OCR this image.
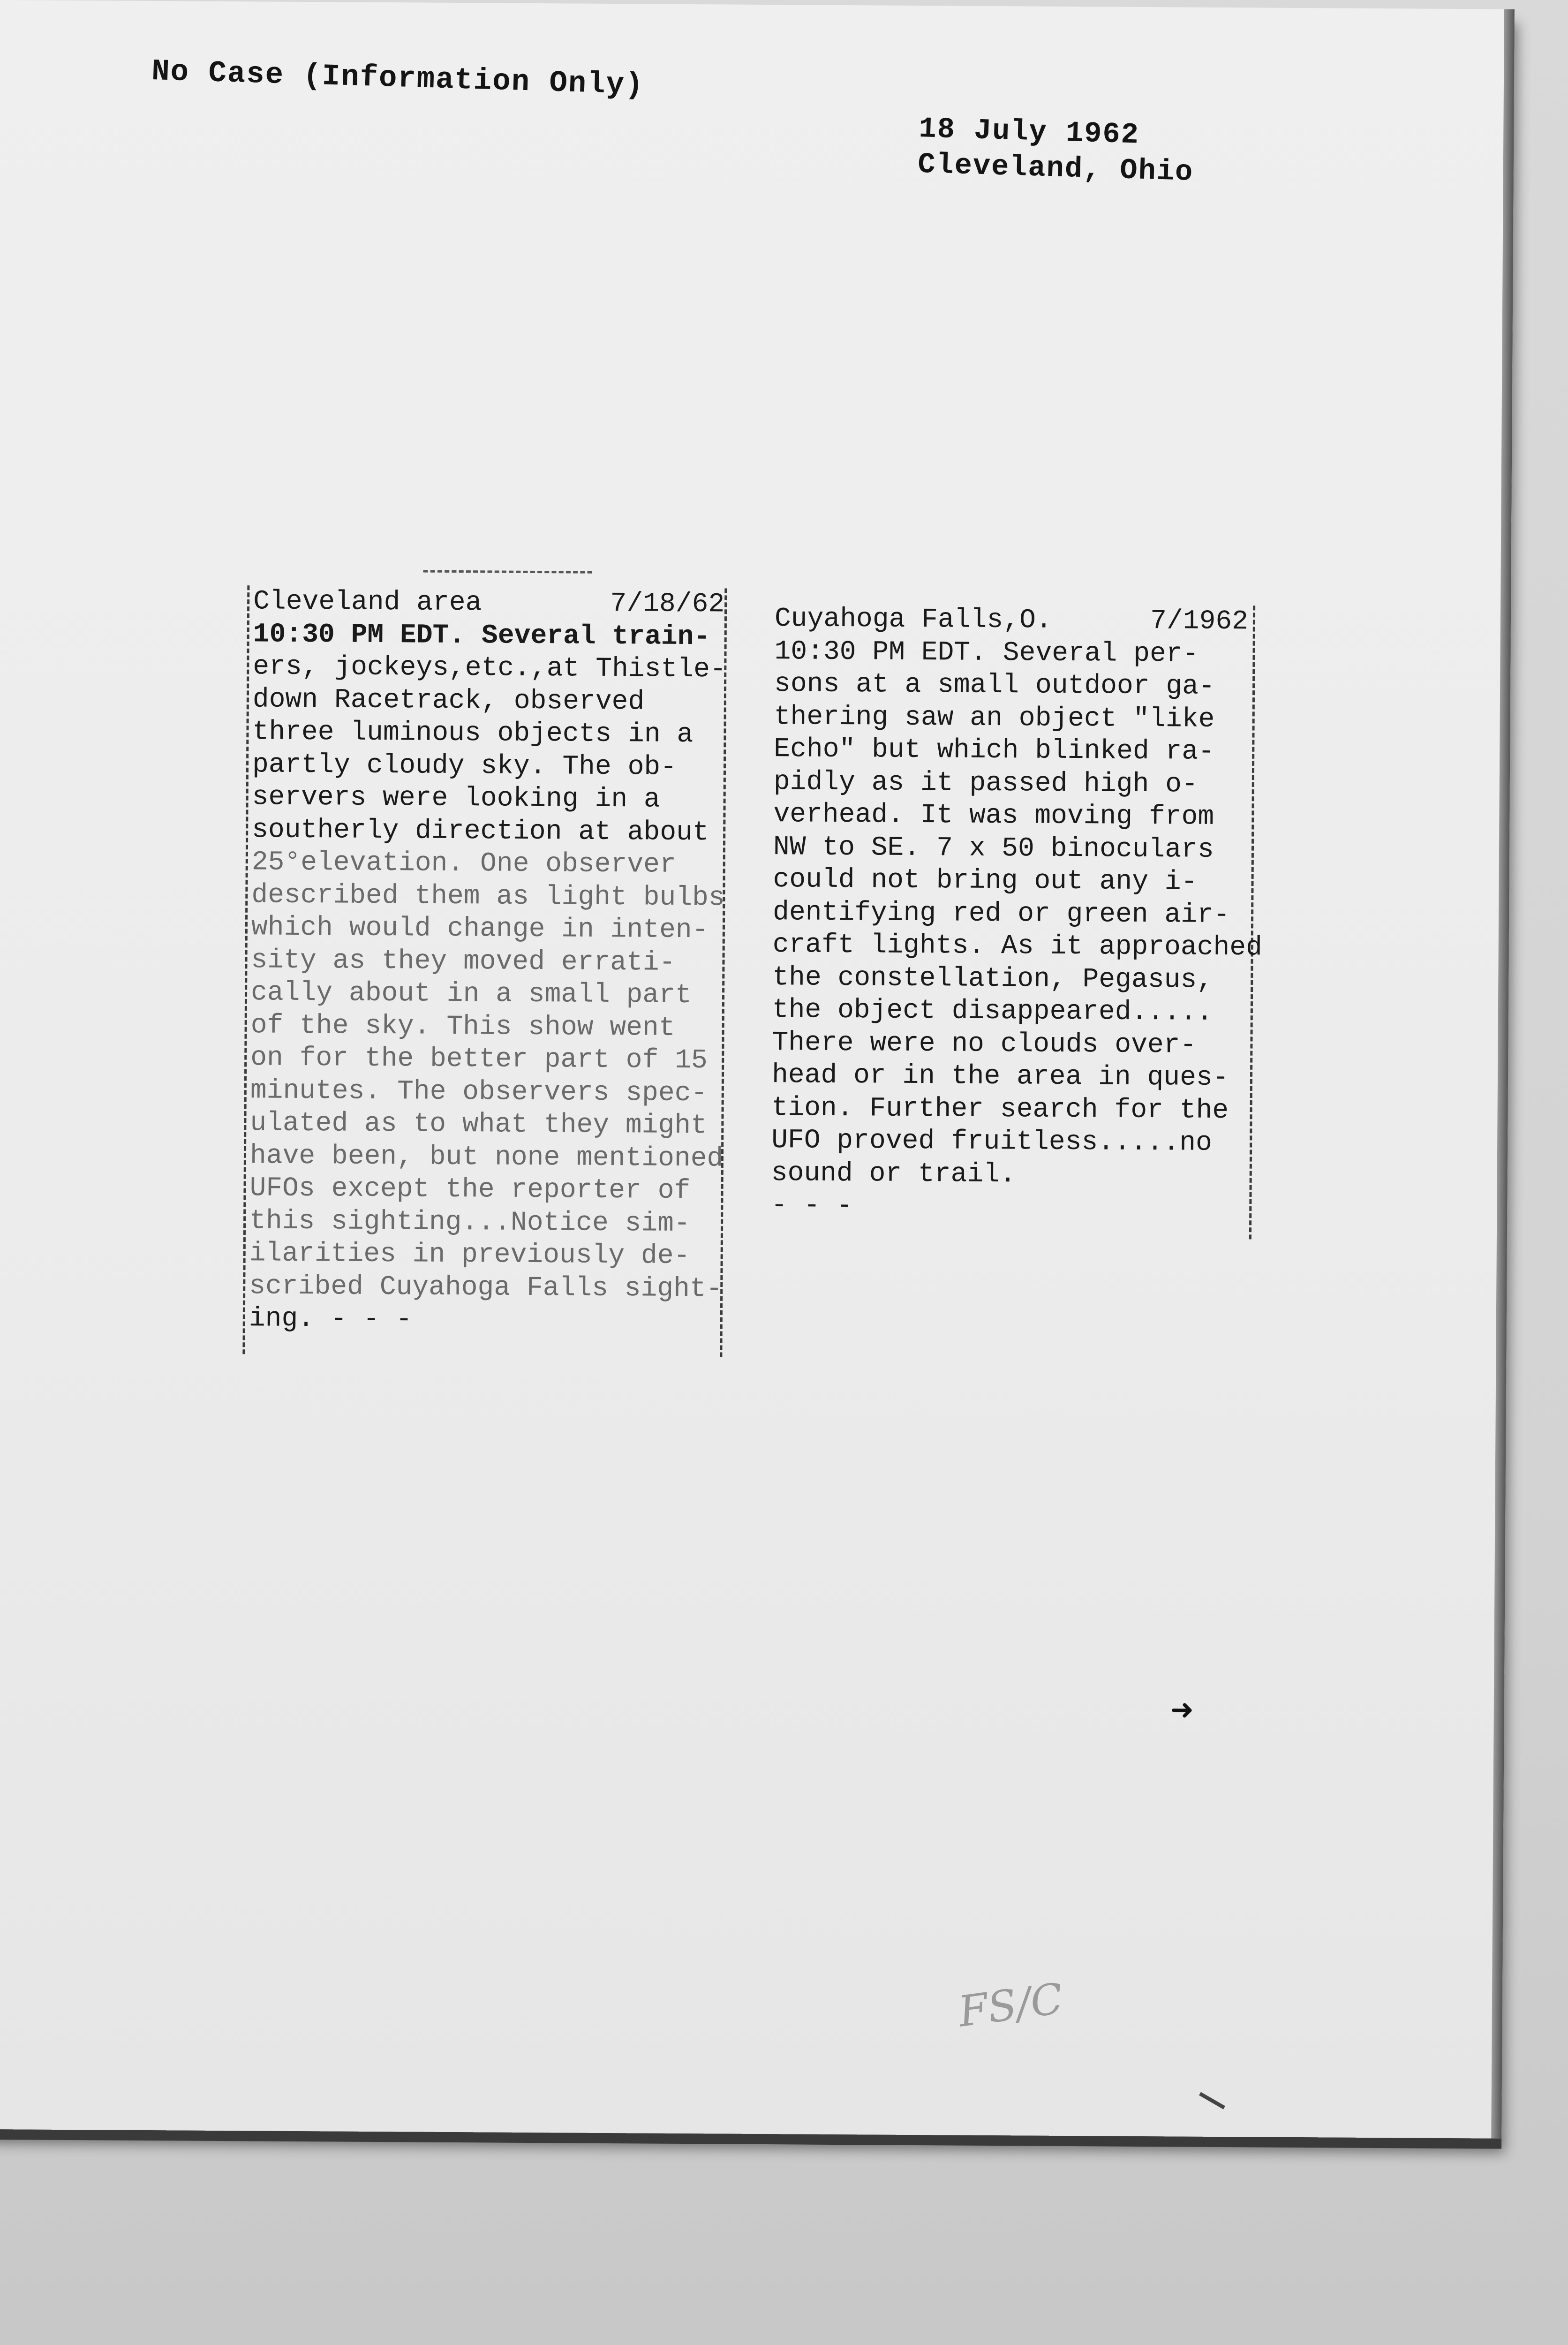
No Case (Information Only)
18 July 1962
Cleveland, Ohio
Cleveland area	7/18/62
10:30 PM EDT. Several train-
ers, jockeys,etc.,at Thistle-
down Racetrack, observed
three luminous objects in a
partly cloudy sky. The ob-
servers were looking in a
southerly direction at about
25°elevation. One observer
described them as light bulbs
which would change in inten-
sity as they moved errati-
cally about in a small part
of the sky. This show went
on for the better part of 15
minutes. The observers spec-
ulated as to what they might
have been, but none mentioned
UFOs except the reporter of
this sighting...Notice sim-
ilarities in previously de-
scribed Cuyahoga Falls sight-
ing. - - -
Cuyahoga Falls,O.	7/1962
10:30 PM EDT. Several per-
sons at a small outdoor ga-
thering saw an object "like
Echo" but which blinked ra-
pidly as it passed high o-
verhead. It was moving from
NW to SE. 7 x 50 binoculars
could not bring out any i-
dentifying red or green air-
craft lights. As it approached
the constellation, Pegasus,
the object disappeared.....
There were no clouds over-
head or in the area in ques-
tion. Further search for the
UFO proved fruitless.....no
sound or trail.
- - -
➜
FS/C
